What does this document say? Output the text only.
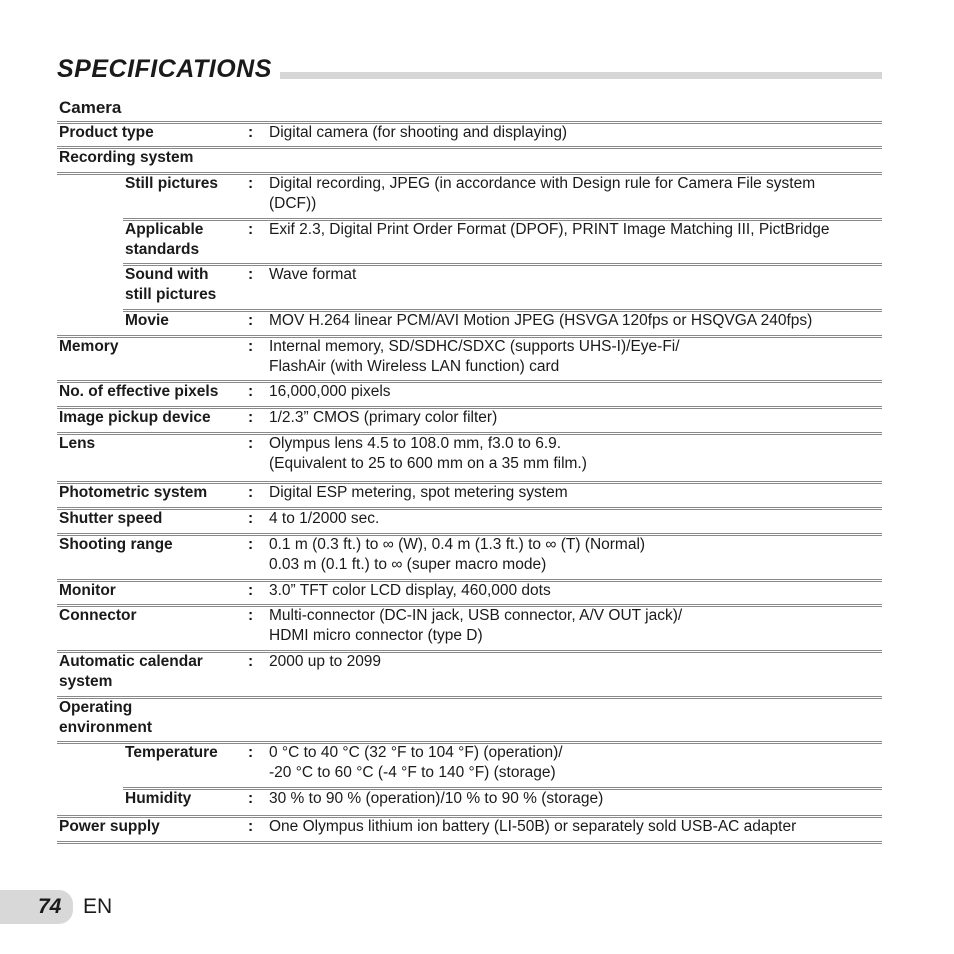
SPECIFICATIONS
Camera
Product type	: Digital camera (for shooting and displaying)
Recording system
Still pictures : Digital recording, JPEG (in accordance with Design rule for Camera File system
(DCF))
Applicable
standards
: Exif 2.3, Digital Print Order Format (DPOF), PRINT Image Matching III, PictBridge
Sound with
still pictures
: Wave format
Movie	: MOV H.264 linear PCM/AVI Motion JPEG (HSVGA 120fps or HSQVGA 240fps)
Memory	: Internal memory, SD/SDHC/SDXC (supports UHS-I)/Eye-Fi/
FlashAir (with Wireless LAN function) card
No. of effective pixels : 16,000,000 pixels
Image pickup device : 1/2.3” CMOS (primary color filter)
Lens	: Olympus lens 4.5 to 108.0 mm, f3.0 to 6.9.
(Equivalent to 25 to 600 mm on a 35 mm film.)
Photometric system	: Digital ESP metering, spot metering system
Shutter speed	: 4 to 1/2000 sec.
Shooting range	: 0.1 m (0.3 ft.) to ∞ (W), 0.4 m (1.3 ft.) to ∞ (T) (Normal)
0.03 m (0.1 ft.) to ∞ (super macro mode)
Monitor	: 3.0” TFT color LCD display, 460,000 dots
Connector	: Multi-connector (DC-IN jack, USB connector, A/V OUT jack)/
HDMI micro connector (type D)
Automatic calendar
system
: 2000 up to 2099
Operating
environment
Temperature : 0 °C to 40 °C (32 °F to 104 °F) (operation)/
-20 °C to 60 °C (-4 °F to 140 °F) (storage)
Humidity	: 30 % to 90 % (operation)/10 % to 90 % (storage)
Power supply	: One Olympus lithium ion battery (LI-50B) or separately sold USB-AC adapter
74 EN
